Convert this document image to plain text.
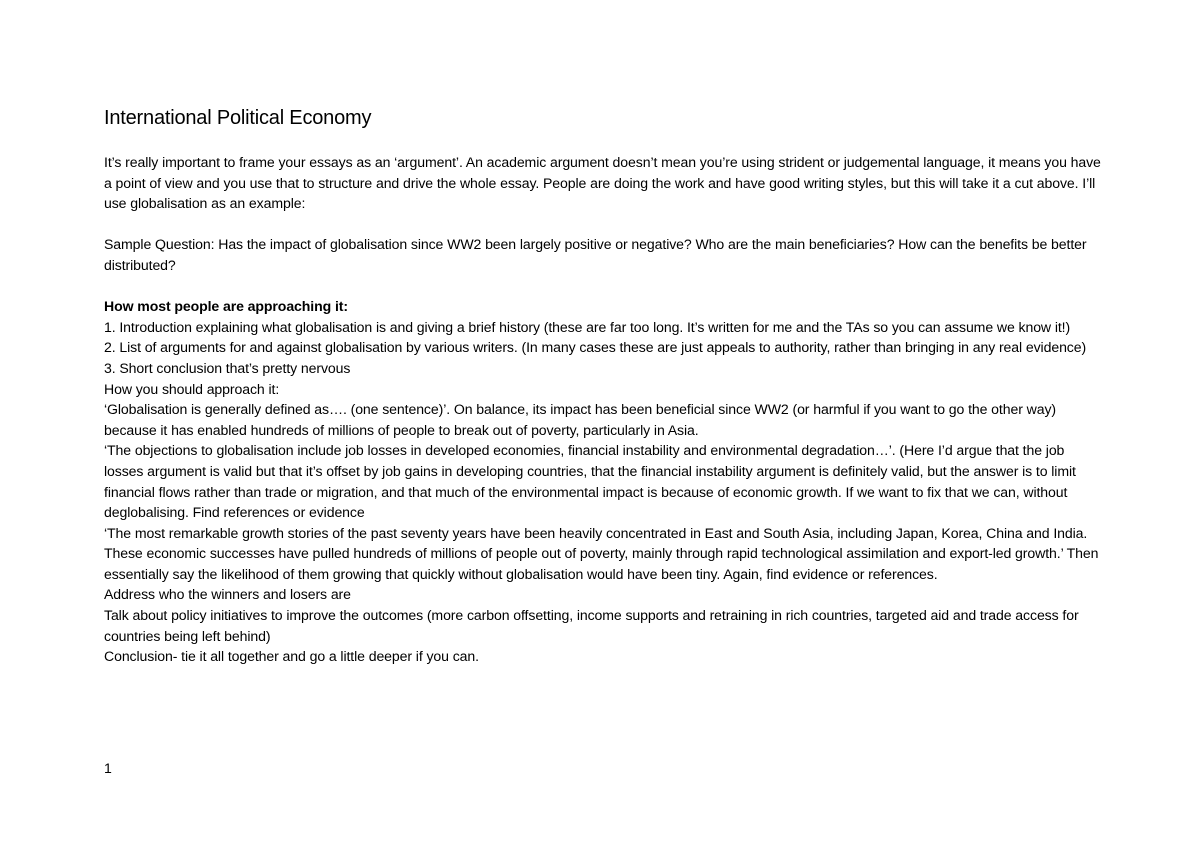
International Political Economy

It’s really important to frame your essays as an ‘argument’. An academic argument doesn’t mean you’re using strident or judgemental language, it means you have a point of view and you use that to structure and drive the whole essay. People are doing the work and have good writing styles, but this will take it a cut above. I’ll use globalisation as an example:

Sample Question: Has the impact of globalisation since WW2 been largely positive or negative? Who are the main beneficiaries? How can the benefits be better distributed?

How most people are approaching it:

1. Introduction explaining what globalisation is and giving a brief history (these are far too long. It’s written for me and the TAs so you can assume we know it!)

2. List of arguments for and against globalisation by various writers. (In many cases these are just appeals to authority, rather than bringing in any real evidence)

3. Short conclusion that’s pretty nervous

How you should approach it:

‘Globalisation is generally defined as…. (one sentence)’. On balance, its impact has been beneficial since WW2 (or harmful if you want to go the other way) because it has enabled hundreds of millions of people to break out of poverty, particularly in Asia.

‘The objections to globalisation include job losses in developed economies, financial instability and environmental degradation…’. (Here I’d argue that the job losses argument is valid but that it’s offset by job gains in developing countries, that the financial instability argument is definitely valid, but the answer is to limit financial flows rather than trade or migration, and that much of the environmental impact is because of economic growth. If we want to fix that we can, without deglobalising. Find references or evidence

‘The most remarkable growth stories of the past seventy years have been heavily concentrated in East and South Asia, including Japan, Korea, China and India. These economic successes have pulled hundreds of millions of people out of poverty, mainly through rapid technological assimilation and export-led growth.’ Then essentially say the likelihood of them growing that quickly without globalisation would have been tiny. Again, find evidence or references.

Address who the winners and losers are

Talk about policy initiatives to improve the outcomes (more carbon offsetting, income supports and retraining in rich countries, targeted aid and trade access for countries being left behind)

Conclusion- tie it all together and go a little deeper if you can.

1
